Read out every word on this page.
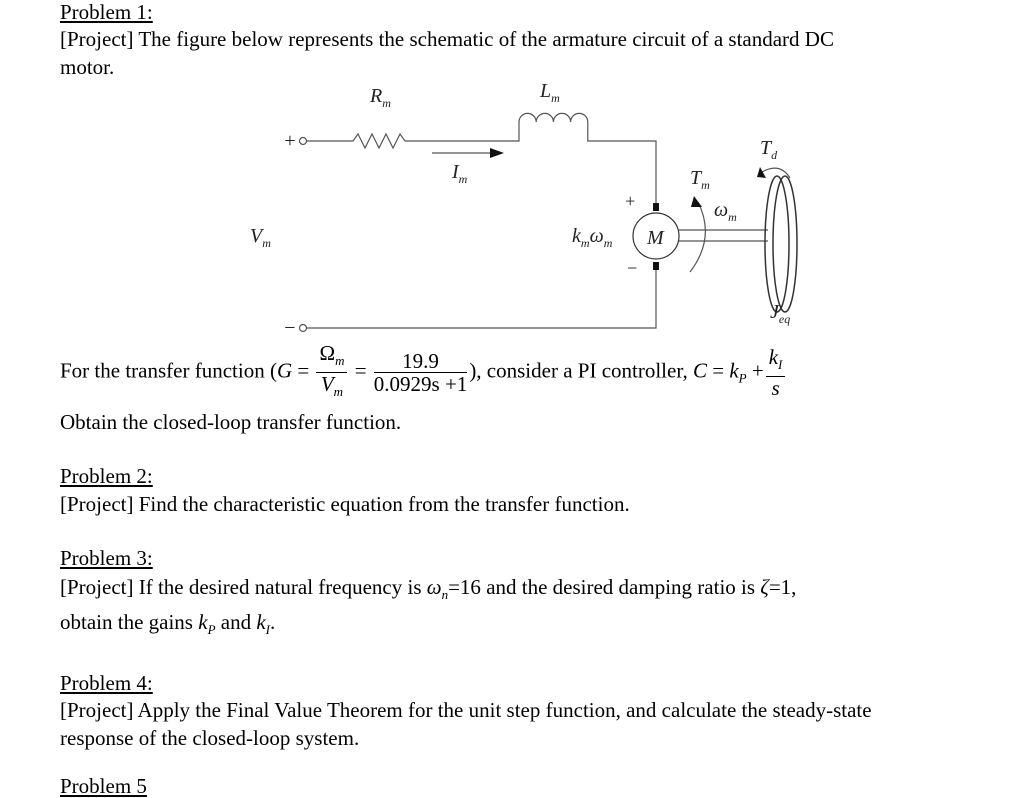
Problem 1:
[Project] The figure below represents the schematic of the armature circuit of a standard DC
motor.
+
−
$R_m$
$L_m$
$I_m$
$V_m$	$k_m\omega_m$
+
−
M
$T_m$
$\omega_m$
$T_d$
$J_{eq}$
For the transfer function ($G = \frac{\Omega_m}{V_m} = \frac{19.9}{0.0929s +1}$ ), consider a PI controller, $C = k_P + \frac{k_I}{s}$
Obtain the closed-loop transfer function.
Problem 2:
[Project] Find the characteristic equation from the transfer function.
Problem 3:
[Project] If the desired natural frequency is $\omega_n=16$ and the desired damping ratio is ζ=1,
obtain the gains $k_P$ and $k_I$.
Problem 4:
[Project] Apply the Final Value Theorem for the unit step function, and calculate the steady-state
response of the closed-loop system.
Problem 5
